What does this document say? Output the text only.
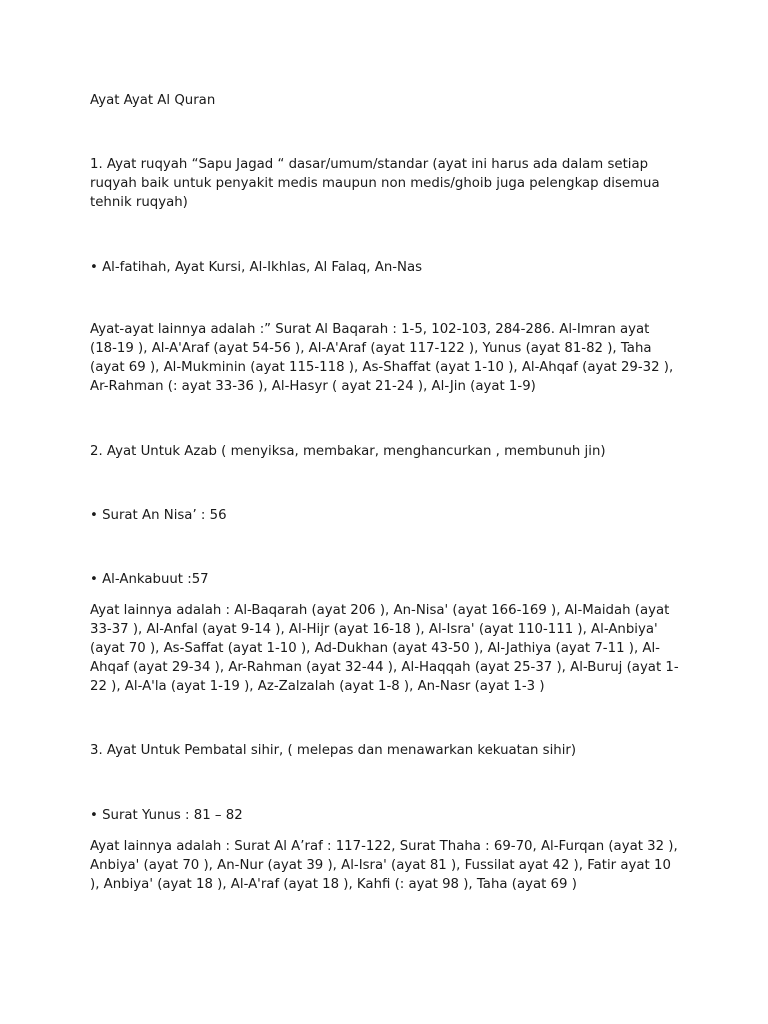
Ayat Ayat Al Quran

1. Ayat ruqyah “Sapu Jagad “ dasar/umum/standar (ayat ini harus ada dalam setiap ruqyah baik untuk penyakit medis maupun non medis/ghoib juga pelengkap disemua tehnik ruqyah)

• Al-fatihah, Ayat Kursi, Al-Ikhlas, Al Falaq, An-Nas

Ayat-ayat lainnya adalah :” Surat Al Baqarah : 1-5, 102-103, 284-286. Al-Imran ayat (18-19 ), Al-A'Araf (ayat 54-56 ), Al-A'Araf (ayat 117-122 ), Yunus (ayat 81-82 ), Taha (ayat 69 ), Al-Mukminin (ayat 115-118 ), As-Shaffat (ayat 1-10 ), Al-Ahqaf (ayat 29-32 ), Ar-Rahman (: ayat 33-36 ), Al-Hasyr ( ayat 21-24 ), Al-Jin (ayat 1-9)

2. Ayat Untuk Azab ( menyiksa, membakar, menghancurkan , membunuh jin)

• Surat An Nisa’ : 56

• Al-Ankabuut :57

Ayat lainnya adalah : Al-Baqarah (ayat 206 ), An-Nisa' (ayat 166-169 ), Al-Maidah (ayat 33-37 ), Al-Anfal (ayat 9-14 ), Al-Hijr (ayat 16-18 ), Al-Isra' (ayat 110-111 ), Al-Anbiya' (ayat 70 ), As-Saffat (ayat 1-10 ), Ad-Dukhan (ayat 43-50 ), Al-Jathiya (ayat 7-11 ), Al-Ahqaf (ayat 29-34 ), Ar-Rahman (ayat 32-44 ), Al-Haqqah (ayat 25-37 ), Al-Buruj (ayat 1-22 ), Al-A'la (ayat 1-19 ), Az-Zalzalah (ayat 1-8 ), An-Nasr (ayat 1-3 )

3. Ayat Untuk Pembatal sihir, ( melepas dan menawarkan kekuatan sihir)

• Surat Yunus : 81 – 82

Ayat lainnya adalah : Surat Al A’raf : 117-122, Surat Thaha : 69-70, Al-Furqan (ayat 32 ), Anbiya' (ayat 70 ), An-Nur (ayat 39 ), Al-Isra' (ayat 81 ), Fussilat ayat 42 ), Fatir ayat 10 ), Anbiya' (ayat 18 ), Al-A'raf (ayat 18 ), Kahfi (: ayat 98 ), Taha (ayat 69 )
